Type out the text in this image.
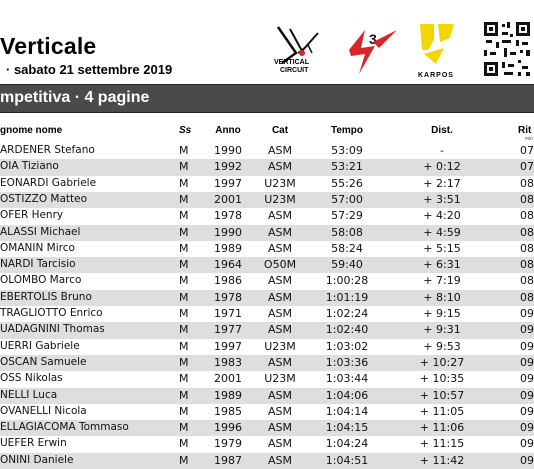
Verticale
· sabato 21 settembre 2019	VERTICAL
CIRCUIT
3
KARPOS
mpetitiva · 4 pagine
gnome nome	Ss Anno	Cat	Tempo	Dist.	Rit
min
ARDENER Stefano	M 1990 ASM	53:09	-	07
OIA Tiziano	M 1992 ASM	53:21	+ 0:12	07
EONARDI Gabriele	M 1997 U23M	55:26	+ 2:17	08
OSTIZZO Matteo	M 2001 U23M	57:00	+ 3:51	08
OFER Henry	M 1978 ASM	57:29	+ 4:20	08
ALASSI Michael	M 1990 ASM	58:08	+ 4:59	08
OMANIN Mirco	M 1989 ASM	58:24	+ 5:15	08
NARDI Tarcisio	M 1964 O50M	59:40	+ 6:31	08
OLOMBO Marco	M 1986 ASM	1:00:28	+ 7:19	08
EBERTOLIS Bruno	M 1978 ASM	1:01:19	+ 8:10	08
TRAGLIOTTO Enrico	M 1971 ASM	1:02:24	+ 9:15	09
UADAGNINI Thomas	M 1977 ASM	1:02:40	+ 9:31	09
UERRI Gabriele	M 1997 U23M	1:03:02	+ 9:53	09
OSCAN Samuele	M 1983 ASM	1:03:36	+ 10:27	09
OSS Nikolas	M 2001 U23M	1:03:44	+ 10:35	09
NELLI Luca	M 1989 ASM	1:04:06	+ 10:57	09
OVANELLI Nicola	M 1985 ASM	1:04:14	+ 11:05	09
ELLAGIACOMA Tommaso	M 1996 ASM	1:04:15	+ 11:06	09
UEFER Erwin	M 1979 ASM	1:04:24	+ 11:15	09
ONINI Daniele	M 1987 ASM	1:04:51	+ 11:42	09
